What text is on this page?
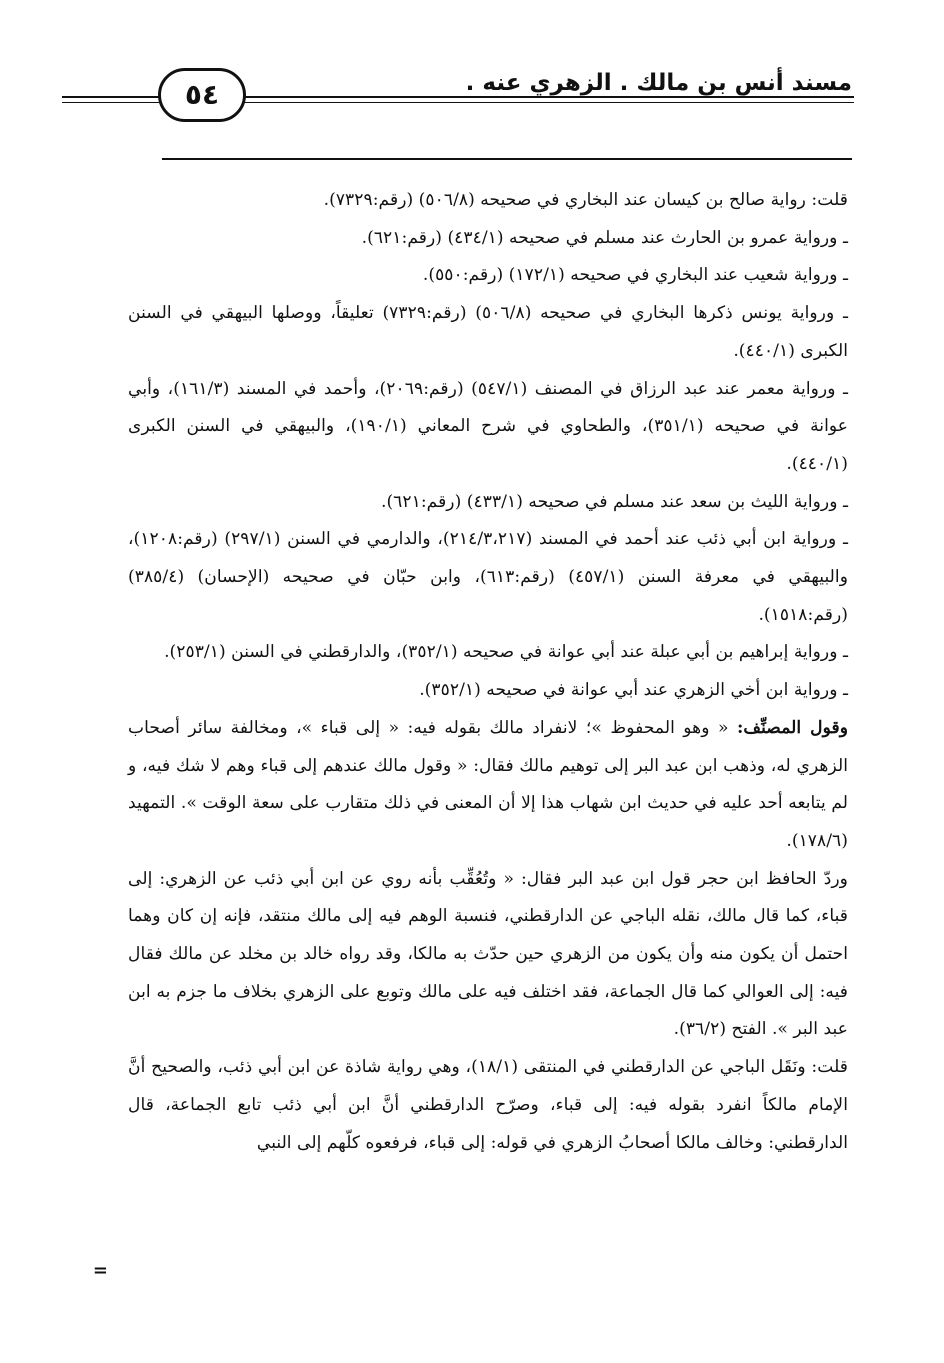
مسند أنس بن مالك . الزهري عنه .
٥٤

قلت: رواية صالح بن كيسان عند البخاري في صحيحه (٥٠٦/٨) (رقم:٧٣٢٩).

ـ ورواية عمرو بن الحارث عند مسلم في صحيحه (٤٣٤/١) (رقم:٦٢١).

ـ ورواية شعيب عند البخاري في صحيحه (١٧٢/١) (رقم:٥٥٠).

ـ ورواية يونس ذكرها البخاري في صحيحه (٥٠٦/٨) (رقم:٧٣٢٩) تعليقاً، ووصلها البيهقي في السنن الكبرى (٤٤٠/١).

ـ ورواية معمر عند عبد الرزاق في المصنف (٥٤٧/١) (رقم:٢٠٦٩)، وأحمد في المسند (١٦١/٣)، وأبي عوانة في صحيحه (٣٥١/١)، والطحاوي في شرح المعاني (١٩٠/١)، والبيهقي في السنن الكبرى (٤٤٠/١).

ـ ورواية الليث بن سعد عند مسلم في صحيحه (٤٣٣/١) (رقم:٦٢١).

ـ ورواية ابن أبي ذئب عند أحمد في المسند (٢١٤/٣،٢١٧)، والدارمي في السنن (٢٩٧/١) (رقم:١٢٠٨)، والبيهقي في معرفة السنن (٤٥٧/١) (رقم:٦١٣)، وابن حبّان في صحيحه (الإحسان) (٣٨٥/٤) (رقم:١٥١٨).

ـ ورواية إبراهيم بن أبي عبلة عند أبي عوانة في صحيحه (٣٥٢/١)، والدارقطني في السنن (٢٥٣/١).

ـ ورواية ابن أخي الزهري عند أبي عوانة في صحيحه (٣٥٢/١).

وقول المصنِّف: « وهو المحفوظ »؛ لانفراد مالك بقوله فيه: « إلى قباء »، ومخالفة سائر أصحاب الزهري له، وذهب ابن عبد البر إلى توهيم مالك فقال: « وقول مالك عندهم إلى قباء وهم لا شك فيه، و لم يتابعه أحد عليه في حديث ابن شهاب هذا إلا أن المعنى في ذلك متقارب على سعة الوقت ». التمهيد (١٧٨/٦).

وردّ الحافظ ابن حجر قول ابن عبد البر فقال: « وتُعُقِّب بأنه روي عن ابن أبي ذئب عن الزهري: إلى قباء، كما قال مالك، نقله الباجي عن الدارقطني، فنسبة الوهم فيه إلى مالك منتقد، فإنه إن كان وهما احتمل أن يكون منه وأن يكون من الزهري حين حدّث به مالكا، وقد رواه خالد بن مخلد عن مالك فقال فيه: إلى العوالي كما قال الجماعة، فقد اختلف فيه على مالك وتوبع على الزهري بخلاف ما جزم به ابن عبد البر ». الفتح (٣٦/٢).

قلت: ونَقَل الباجي عن الدارقطني في المنتقى (١٨/١)، وهي رواية شاذة عن ابن أبي ذئب، والصحيح أنَّ الإمام مالكاً انفرد بقوله فيه: إلى قباء، وصرّح الدارقطني أنَّ ابن أبي ذئب تابع الجماعة، قال الدارقطني: وخالف مالكا أصحابُ الزهري في قوله: إلى قباء، فرفعوه كلّهم إلى النبي

=
